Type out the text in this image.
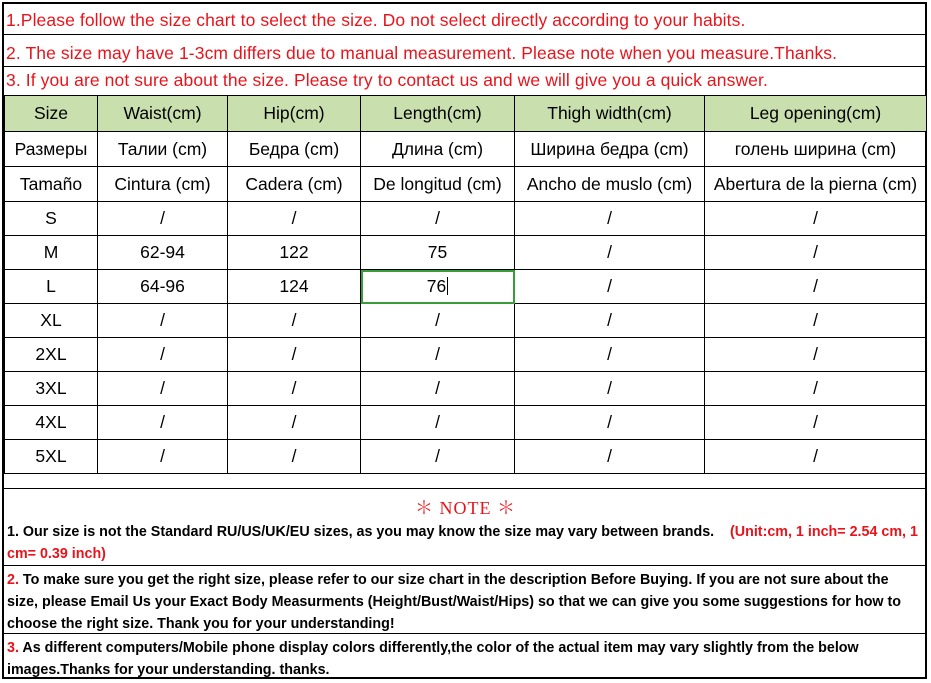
1.Please follow the size chart to select the size. Do not select directly according to your habits.
2. The size may have 1-3cm differs due to manual measurement. Please note when you measure.Thanks.
3. If you are not sure about the size. Please try to contact us and we will give you a quick answer.
Size	Waist(cm)	Hip(cm)	Length(cm)	Thigh width(cm)	Leg opening(cm)
Размеры	Талии (cm)	Бедра (cm)	Длина (cm)	Ширина бедра (cm)	голень ширина (cm)
Tamaño	Cintura (cm)	Cadera (cm)	De longitud (cm)	Ancho de muslo (cm)	Abertura de la pierna (cm)
S	/	/	/	/	/
M	62-94	122	75	/	/
L	64-96	124	76	/	/
XL	/	/	/	/	/
2XL	/	/	/	/	/
3XL	/	/	/	/	/
4XL	/	/	/	/	/
5XL	/	/	/	/	/
＊ NOTE ＊
1. Our size is not the Standard RU/US/UK/EU sizes, as you may know the size may vary between brands. (Unit:cm, 1 inch= 2.54 cm, 1 cm= 0.39 inch)
2. To make sure you get the right size, please refer to our size chart in the description Before Buying. If you are not sure about the size, please Email Us your Exact Body Measurments (Height/Bust/Waist/Hips) so that we can give you some suggestions for how to choose the right size. Thank you for your understanding!
3. As different computers/Mobile phone display colors differently,the color of the actual item may vary slightly from the below images.Thanks for your understanding. thanks.
